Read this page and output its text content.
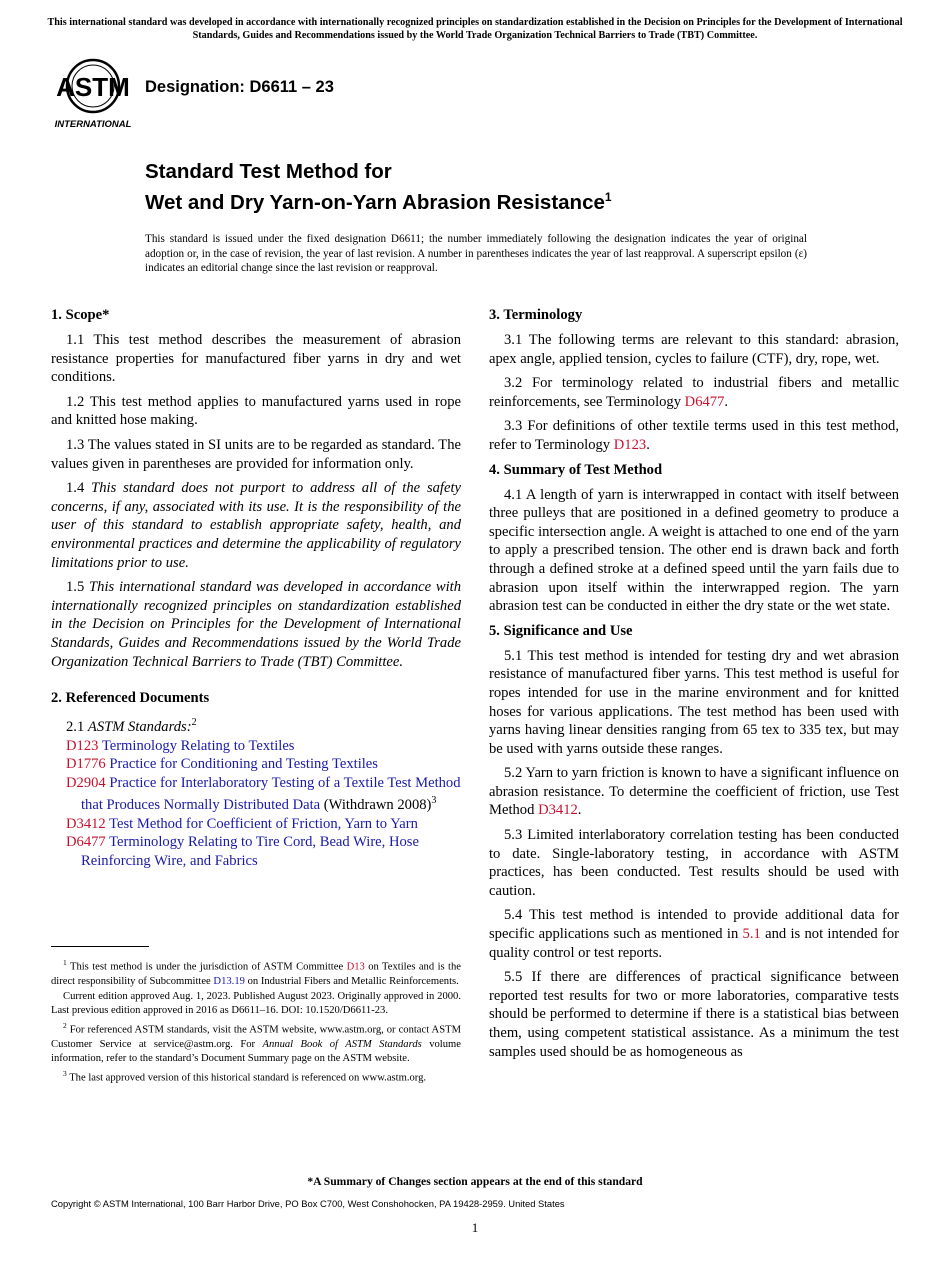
This international standard was developed in accordance with internationally recognized principles on standardization established in the Decision on Principles for the Development of International Standards, Guides and Recommendations issued by the World Trade Organization Technical Barriers to Trade (TBT) Committee.
ASTM
INTERNATIONAL
Designation: D6611 – 23
Standard Test Method for
Wet and Dry Yarn-on-Yarn Abrasion Resistance$^1$
This standard is issued under the fixed designation D6611; the number immediately following the designation indicates the year of original adoption or, in the case of revision, the year of last revision. A number in parentheses indicates the year of last reapproval. A superscript epsilon (ε) indicates an editorial change since the last revision or reapproval.
1. Scope*

1.1 This test method describes the measurement of abrasion resistance properties for manufactured fiber yarns in dry and wet conditions.

1.2 This test method applies to manufactured yarns used in rope and knitted hose making.

1.3 The values stated in SI units are to be regarded as standard. The values given in parentheses are provided for information only.

1.4 This standard does not purport to address all of the safety concerns, if any, associated with its use. It is the responsibility of the user of this standard to establish appropriate safety, health, and environmental practices and determine the applicability of regulatory limitations prior to use.

1.5 This international standard was developed in accordance with internationally recognized principles on standardization established in the Decision on Principles for the Development of International Standards, Guides and Recommendations issued by the World Trade Organization Technical Barriers to Trade (TBT) Committee.

2. Referenced Documents

2.1 ASTM Standards:$^2$

D123 Terminology Relating to Textiles

D1776 Practice for Conditioning and Testing Textiles

D2904 Practice for Interlaboratory Testing of a Textile Test Method that Produces Normally Distributed Data (Withdrawn 2008)$^3$

D3412 Test Method for Coefficient of Friction, Yarn to Yarn

D6477 Terminology Relating to Tire Cord, Bead Wire, Hose Reinforcing Wire, and Fabrics

$^1$ This test method is under the jurisdiction of ASTM Committee D13 on Textiles and is the direct responsibility of Subcommittee D13.19 on Industrial Fibers and Metallic Reinforcements.

Current edition approved Aug. 1, 2023. Published August 2023. Originally approved in 2000. Last previous edition approved in 2016 as D6611–16. DOI: 10.1520/D6611-23.

$^2$ For referenced ASTM standards, visit the ASTM website, www.astm.org, or contact ASTM Customer Service at service@astm.org. For Annual Book of ASTM Standards volume information, refer to the standard’s Document Summary page on the ASTM website.

$^3$ The last approved version of this historical standard is referenced on www.astm.org.

3. Terminology

3.1 The following terms are relevant to this standard: abrasion, apex angle, applied tension, cycles to failure (CTF), dry, rope, wet.

3.2 For terminology related to industrial fibers and metallic reinforcements, see Terminology D6477.

3.3 For definitions of other textile terms used in this test method, refer to Terminology D123.

4. Summary of Test Method

4.1 A length of yarn is interwrapped in contact with itself between three pulleys that are positioned in a defined geometry to produce a specific intersection angle. A weight is attached to one end of the yarn to apply a prescribed tension. The other end is drawn back and forth through a defined stroke at a defined speed until the yarn fails due to abrasion upon itself within the interwrapped region. The yarn abrasion test can be conducted in either the dry state or the wet state.

5. Significance and Use

5.1 This test method is intended for testing dry and wet abrasion resistance of manufactured fiber yarns. This test method is useful for ropes intended for use in the marine environment and for knitted hoses for various applications. The test method has been used with yarns having linear densities ranging from 65 tex to 335 tex, but may be used with yarns outside these ranges.

5.2 Yarn to yarn friction is known to have a significant influence on abrasion resistance. To determine the coefficient of friction, use Test Method D3412.

5.3 Limited interlaboratory correlation testing has been conducted to date. Single-laboratory testing, in accordance with ASTM practices, has been conducted. Test results should be used with caution.

5.4 This test method is intended to provide additional data for specific applications such as mentioned in 5.1 and is not intended for quality control or test reports.

5.5 If there are differences of practical significance between reported test results for two or more laboratories, comparative tests should be performed to determine if there is a statistical bias between them, using competent statistical assistance. As a minimum the test samples used should be as homogeneous as

*A Summary of Changes section appears at the end of this standard
Copyright © ASTM International, 100 Barr Harbor Drive, PO Box C700, West Conshohocken, PA 19428-2959. United States
1
